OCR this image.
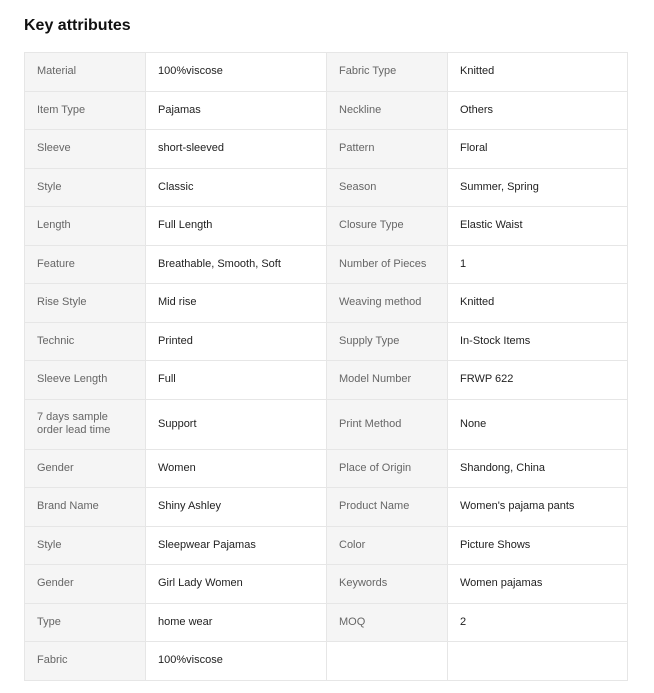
Key attributes
Material	100%viscose	Fabric Type	Knitted
Item Type	Pajamas	Neckline	Others
Sleeve	short-sleeved	Pattern	Floral
Style	Classic	Season	Summer, Spring
Length	Full Length	Closure Type	Elastic Waist
Feature	Breathable, Smooth, Soft	Number of Pieces	1
Rise Style	Mid rise	Weaving method	Knitted
Technic	Printed	Supply Type	In-Stock Items
Sleeve Length	Full	Model Number	FRWP 622
7 days sample order lead time	Support	Print Method	None
Gender	Women	Place of Origin	Shandong, China
Brand Name	Shiny Ashley	Product Name	Women's pajama pants
Style	Sleepwear Pajamas	Color	Picture Shows
Gender	Girl Lady Women	Keywords	Women pajamas
Type	home wear	MOQ	2
Fabric	100%viscose		
